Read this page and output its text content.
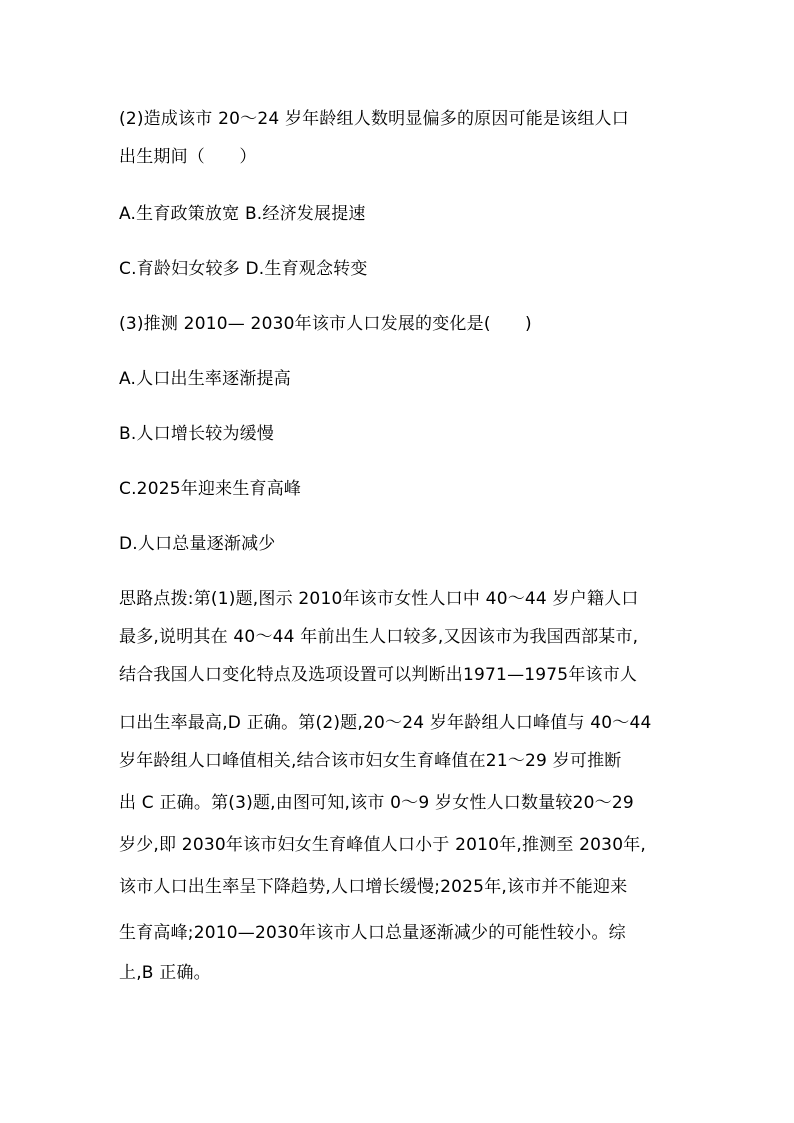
(2)造成该市 20～24 岁年龄组人数明显偏多的原因可能是该组人口
出生期间（　　）
A.生育政策放宽 B.经济发展提速
C.育龄妇女较多 D.生育观念转变
(3)推测 2010— 2030年该市人口发展的变化是(　　)
A.人口出生率逐渐提高
B.人口增长较为缓慢
C.2025年迎来生育高峰
D.人口总量逐渐减少
思路点拨:第(1)题,图示 2010年该市女性人口中 40～44 岁户籍人口
最多,说明其在 40～44 年前出生人口较多,又因该市为我国西部某市,
结合我国人口变化特点及选项设置可以判断出1971—1975年该市人
口出生率最高,D 正确。第(2)题,20～24 岁年龄组人口峰值与 40～44
岁年龄组人口峰值相关,结合该市妇女生育峰值在21～29 岁可推断
出 C 正确。第(3)题,由图可知,该市 0～9 岁女性人口数量较20～29
岁少,即 2030年该市妇女生育峰值人口小于 2010年,推测至 2030年,
该市人口出生率呈下降趋势,人口增长缓慢;2025年,该市并不能迎来
生育高峰;2010—2030年该市人口总量逐渐减少的可能性较小。综
上,B 正确。
